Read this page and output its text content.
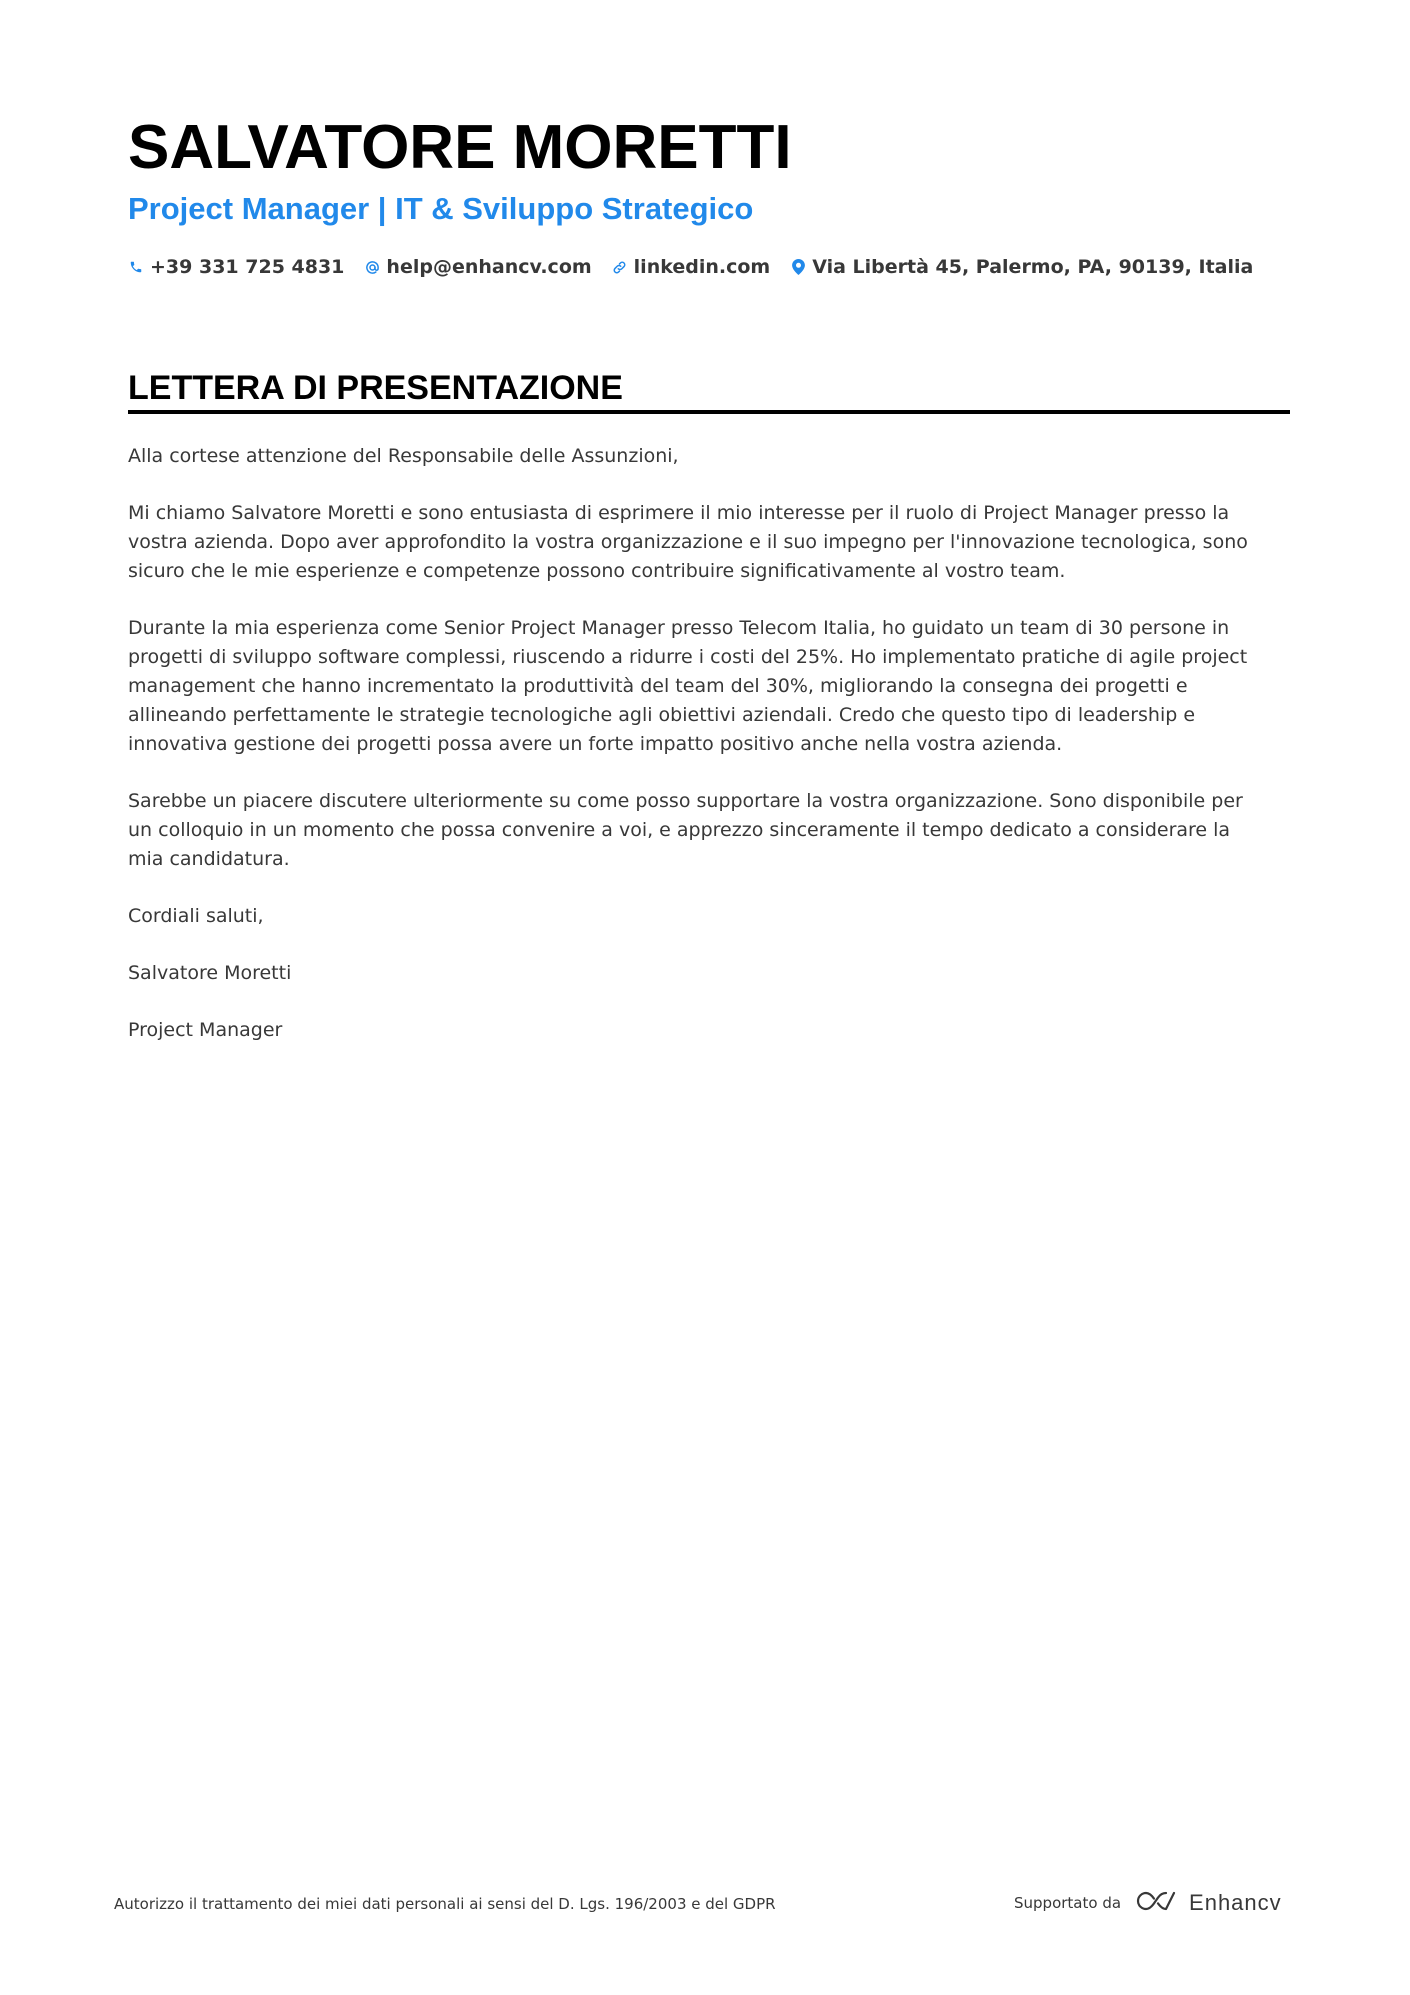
SALVATORE MORETTI
Project Manager | IT & Sviluppo Strategico
+39 331 725 4831 help@enhancv.com linkedin.com Via Libertà 45, Palermo, PA, 90139, Italia
LETTERA DI PRESENTAZIONE

Alla cortese attenzione del Responsabile delle Assunzioni,

Mi chiamo Salvatore Moretti e sono entusiasta di esprimere il mio interesse per il ruolo di Project Manager presso la
vostra azienda. Dopo aver approfondito la vostra organizzazione e il suo impegno per l'innovazione tecnologica, sono
sicuro che le mie esperienze e competenze possono contribuire significativamente al vostro team.

Durante la mia esperienza come Senior Project Manager presso Telecom Italia, ho guidato un team di 30 persone in
progetti di sviluppo software complessi, riuscendo a ridurre i costi del 25%. Ho implementato pratiche di agile project
management che hanno incrementato la produttività del team del 30%, migliorando la consegna dei progetti e
allineando perfettamente le strategie tecnologiche agli obiettivi aziendali. Credo che questo tipo di leadership e
innovativa gestione dei progetti possa avere un forte impatto positivo anche nella vostra azienda.

Sarebbe un piacere discutere ulteriormente su come posso supportare la vostra organizzazione. Sono disponibile per
un colloquio in un momento che possa convenire a voi, e apprezzo sinceramente il tempo dedicato a considerare la
mia candidatura.

Cordiali saluti,

Salvatore Moretti

Project Manager

Autorizzo il trattamento dei miei dati personali ai sensi del D. Lgs. 196/2003 e del GDPR	Supportato da	Enhancv
